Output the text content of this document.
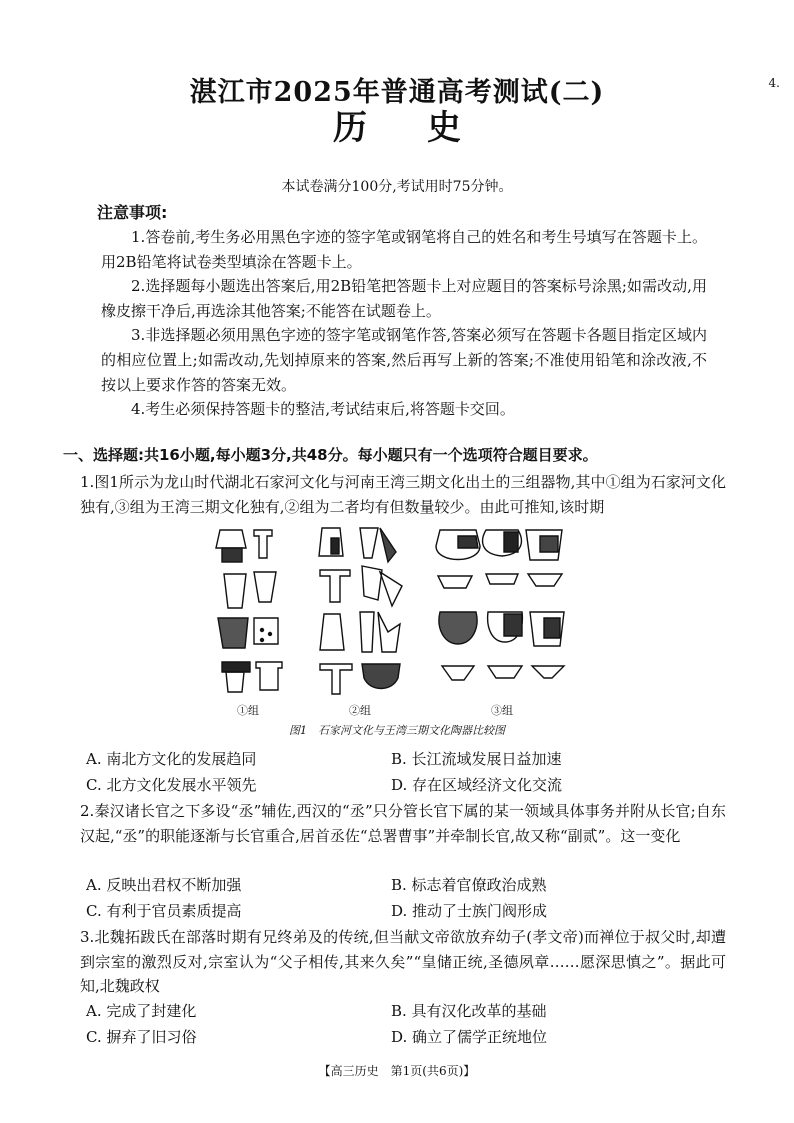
湛江市2025年普通高考测试(二)	4.
历 史
本试卷满分100分,考试用时75分钟。
注意事项:

1.答卷前,考生务必用黑色字迹的签字笔或钢笔将自己的姓名和考生号填写在答题卡上。用2B铅笔将试卷类型填涂在答题卡上。

2.选择题每小题选出答案后,用2B铅笔把答题卡上对应题目的答案标号涂黑;如需改动,用橡皮擦干净后,再选涂其他答案;不能答在试题卷上。

3.非选择题必须用黑色字迹的签字笔或钢笔作答,答案必须写在答题卡各题目指定区域内的相应位置上;如需改动,先划掉原来的答案,然后再写上新的答案;不准使用铅笔和涂改液,不按以上要求作答的答案无效。

4.考生必须保持答题卡的整洁,考试结束后,将答题卡交回。

一、选择题:共16小题,每小题3分,共48分。每小题只有一个选项符合题目要求。

1.图1所示为龙山时代湖北石家河文化与河南王湾三期文化出土的三组器物,其中①组为石家河文化独有,③组为王湾三期文化独有,②组为二者均有但数量较少。由此可推知,该时期

①组	②组	③组
图1　石家河文化与王湾三期文化陶器比较图
A. 南北方文化的发展趋同	B. 长江流域发展日益加速
C. 北方文化发展水平领先	D. 存在区域经济文化交流

2.秦汉诸长官之下多设“丞”辅佐,西汉的“丞”只分管长官下属的某一领域具体事务并附从长官;自东汉起,“丞”的职能逐渐与长官重合,居首丞佐“总署曹事”并牵制长官,故又称“副贰”。这一变化

A. 反映出君权不断加强	B. 标志着官僚政治成熟
C. 有利于官员素质提高	D. 推动了士族门阀形成

3.北魏拓跋氏在部落时期有兄终弟及的传统,但当献文帝欲放弃幼子(孝文帝)而禅位于叔父时,却遭到宗室的激烈反对,宗室认为“父子相传,其来久矣”“皇储正统,圣德夙章……愿深思慎之”。据此可知,北魏政权

A. 完成了封建化	B. 具有汉化改革的基础
C. 摒弃了旧习俗	D. 确立了儒学正统地位
【高三历史　第1页(共6页)】
